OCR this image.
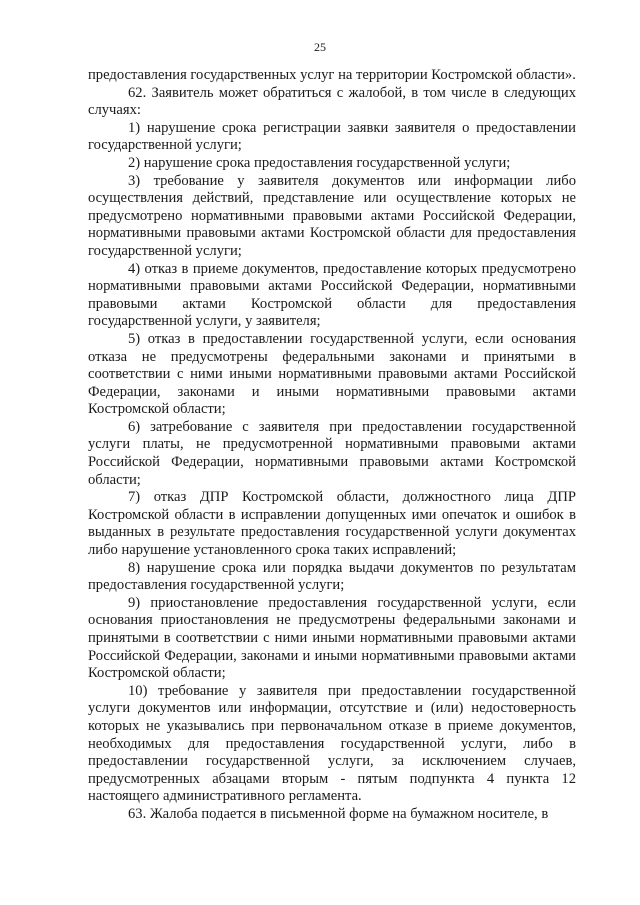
25

предоставления государственных услуг на территории Костромской области».

62. Заявитель может обратиться с жалобой, в том числе в следующих случаях:

1) нарушение срока регистрации заявки заявителя о предоставлении государственной услуги;

2) нарушение срока предоставления государственной услуги;

3) требование у заявителя документов или информации либо осуществления действий, представление или осуществление которых не предусмотрено нормативными правовыми актами Российской Федерации, нормативными правовыми актами Костромской области для предоставления государственной услуги;

4) отказ в приеме документов, предоставление которых предусмотрено нормативными правовыми актами Российской Федерации, нормативными правовыми актами Костромской области для предоставления государственной услуги, у заявителя;

5) отказ в предоставлении государственной услуги, если основания отказа не предусмотрены федеральными законами и принятыми в соответствии с ними иными нормативными правовыми актами Российской Федерации, законами и иными нормативными правовыми актами Костромской области;

6) затребование с заявителя при предоставлении государственной услуги платы, не предусмотренной нормативными правовыми актами Российской Федерации, нормативными правовыми актами Костромской области;

7) отказ ДПР Костромской области, должностного лица ДПР Костромской области в исправлении допущенных ими опечаток и ошибок в выданных в результате предоставления государственной услуги документах либо нарушение установленного срока таких исправлений;

8) нарушение срока или порядка выдачи документов по результатам предоставления государственной услуги;

9) приостановление предоставления государственной услуги, если основания приостановления не предусмотрены федеральными законами и принятыми в соответствии с ними иными нормативными правовыми актами Российской Федерации, законами и иными нормативными правовыми актами Костромской области;

10) требование у заявителя при предоставлении государственной услуги документов или информации, отсутствие и (или) недостоверность которых не указывались при первоначальном отказе в приеме документов, необходимых для предоставления государственной услуги, либо в предоставлении государственной услуги, за исключением случаев, предусмотренных абзацами вторым - пятым подпункта 4 пункта 12 настоящего административного регламента.

63. Жалоба подается в письменной форме на бумажном носителе, в
